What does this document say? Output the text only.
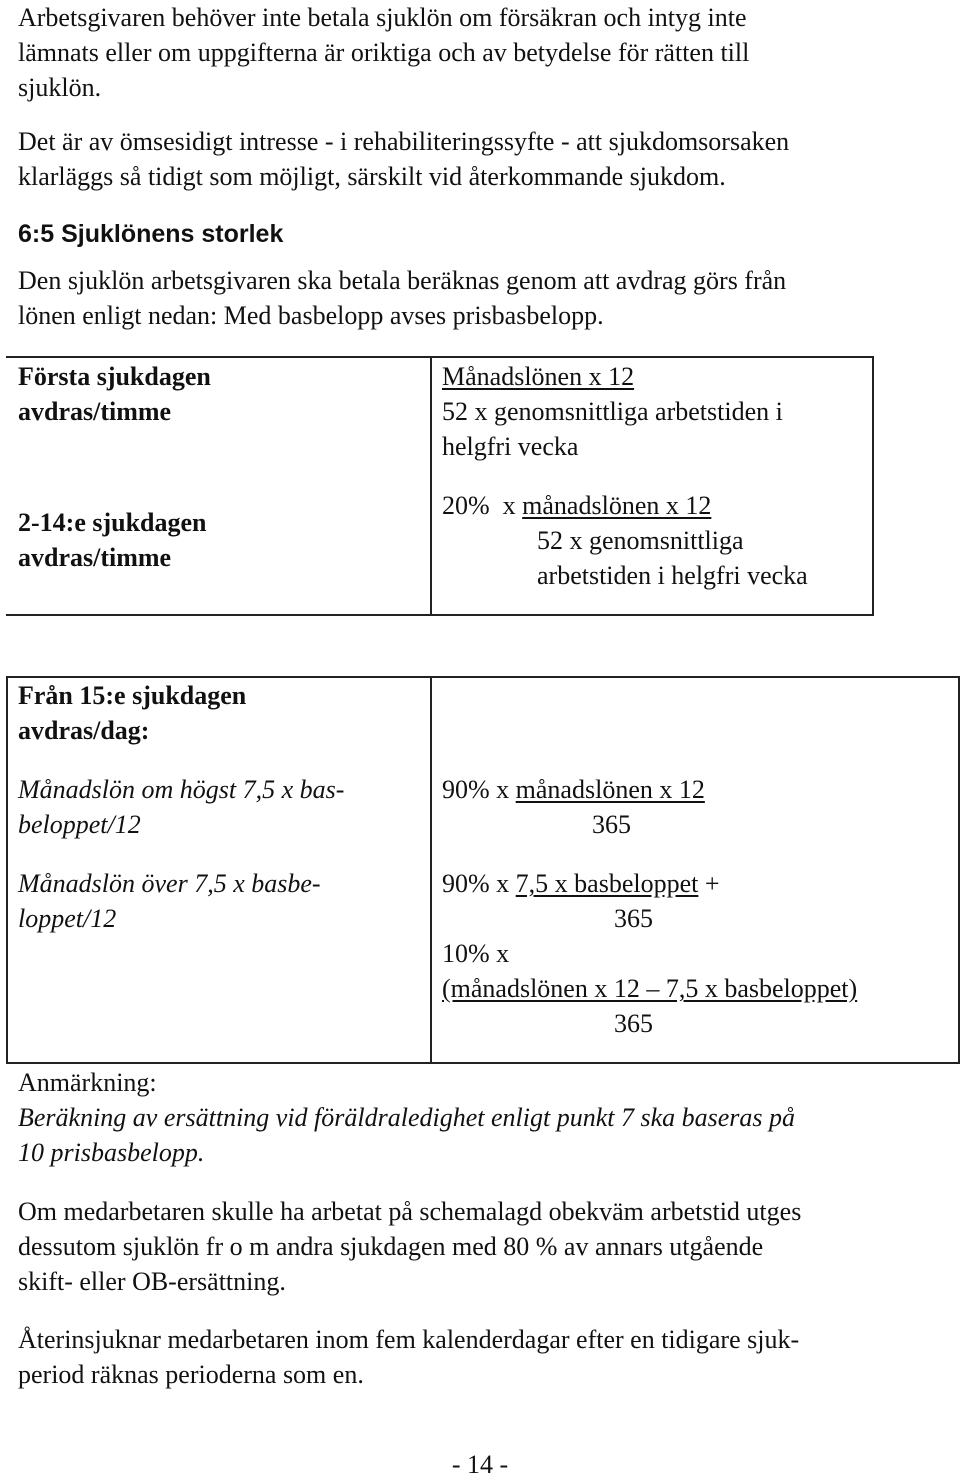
Arbetsgivaren behöver inte betala sjuklön om försäkran och intyg inte
lämnats eller om uppgifterna är oriktiga och av betydelse för rätten till
sjuklön.

Det är av ömsesidigt intresse - i rehabiliteringssyfte - att sjukdomsorsaken
klarläggs så tidigt som möjligt, särskilt vid återkommande sjukdom.

6:5 Sjuklönens storlek

Den sjuklön arbetsgivaren ska betala beräknas genom att avdrag görs från
lönen enligt nedan: Med basbelopp avses prisbasbelopp.

Första sjukdagen
avdras/timme
Månadslönen x 12
52 x genomsnittliga arbetstiden i
helgfri vecka
2-14:e sjukdagen
avdras/timme
20%  x månadslönen x 12
52 x genomsnittliga
arbetstiden i helgfri vecka
Från 15:e sjukdagen
avdras/dag:
Månadslön om högst 7,5 x bas-
beloppet/12
90% x månadslönen x 12
365
Månadslön över 7,5 x basbe-
loppet/12
90% x 7,5 x basbeloppet +
365
10% x
(månadslönen x 12 – 7,5 x basbeloppet)
365
Anmärkning:
Beräkning av ersättning vid föräldraledighet enligt punkt 7 ska baseras på
10 prisbasbelopp.

Om medarbetaren skulle ha arbetat på schemalagd obekväm arbetstid utges
dessutom sjuklön fr o m andra sjukdagen med 80 % av annars utgående
skift- eller OB-ersättning.

Återinsjuknar medarbetaren inom fem kalenderdagar efter en tidigare sjuk-
period räknas perioderna som en.

- 14 -
